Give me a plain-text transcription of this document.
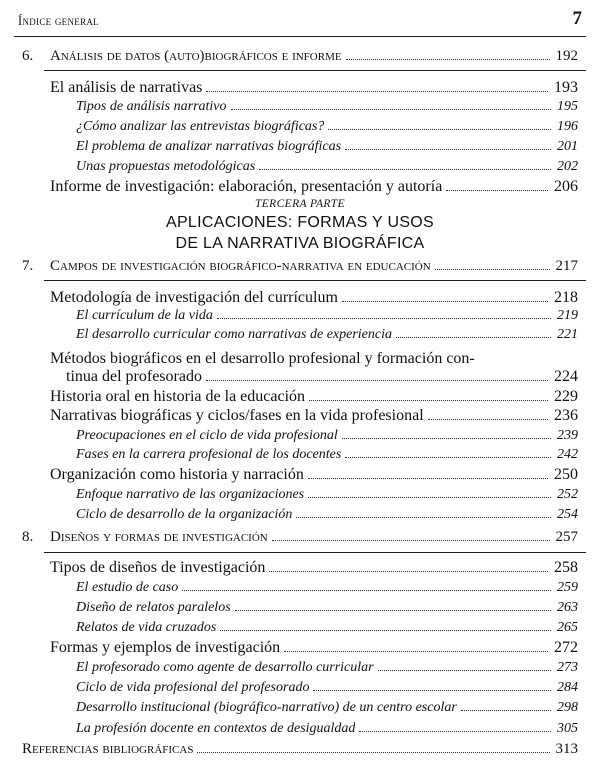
Índice general	7
6.	Análisis de datos (auto)biográficos e informe	192
El análisis de narrativas	193
Tipos de análisis narrativo	195
¿Cómo analizar las entrevistas biográficas?	196
El problema de analizar narrativas biográficas	201
Unas propuestas metodológicas	202
Informe de investigación: elaboración, presentación y autoría	206
7.	Campos de investigación biográfico-narrativa en educación	217
Metodología de investigación del currículum	218
El currículum de la vida	219
El desarrollo curricular como narrativas de experiencia	221
Métodos biográficos en el desarrollo profesional y formación con-
tinua del profesorado	224
Historia oral en historia de la educación	229
Narrativas biográficas y ciclos/fases en la vida profesional	236
Preocupaciones en el ciclo de vida profesional	239
Fases en la carrera profesional de los docentes	242
Organización como historia y narración	250
Enfoque narrativo de las organizaciones	252
Ciclo de desarrollo de la organización	254
8.	Diseños y formas de investigación	257
Tipos de diseños de investigación	258
El estudio de caso	259
Diseño de relatos paralelos	263
Relatos de vida cruzados	265
Formas y ejemplos de investigación	272
El profesorado como agente de desarrollo curricular	273
Ciclo de vida profesional del profesorado	284
Desarrollo institucional (biográfico-narrativo) de un centro escolar	298
La profesión docente en contextos de desigualdad	305
Referencias bibliográficas	313
TERCERA PARTE
APLICACIONES: FORMAS Y USOS
DE LA NARRATIVA BIOGRÁFICA
